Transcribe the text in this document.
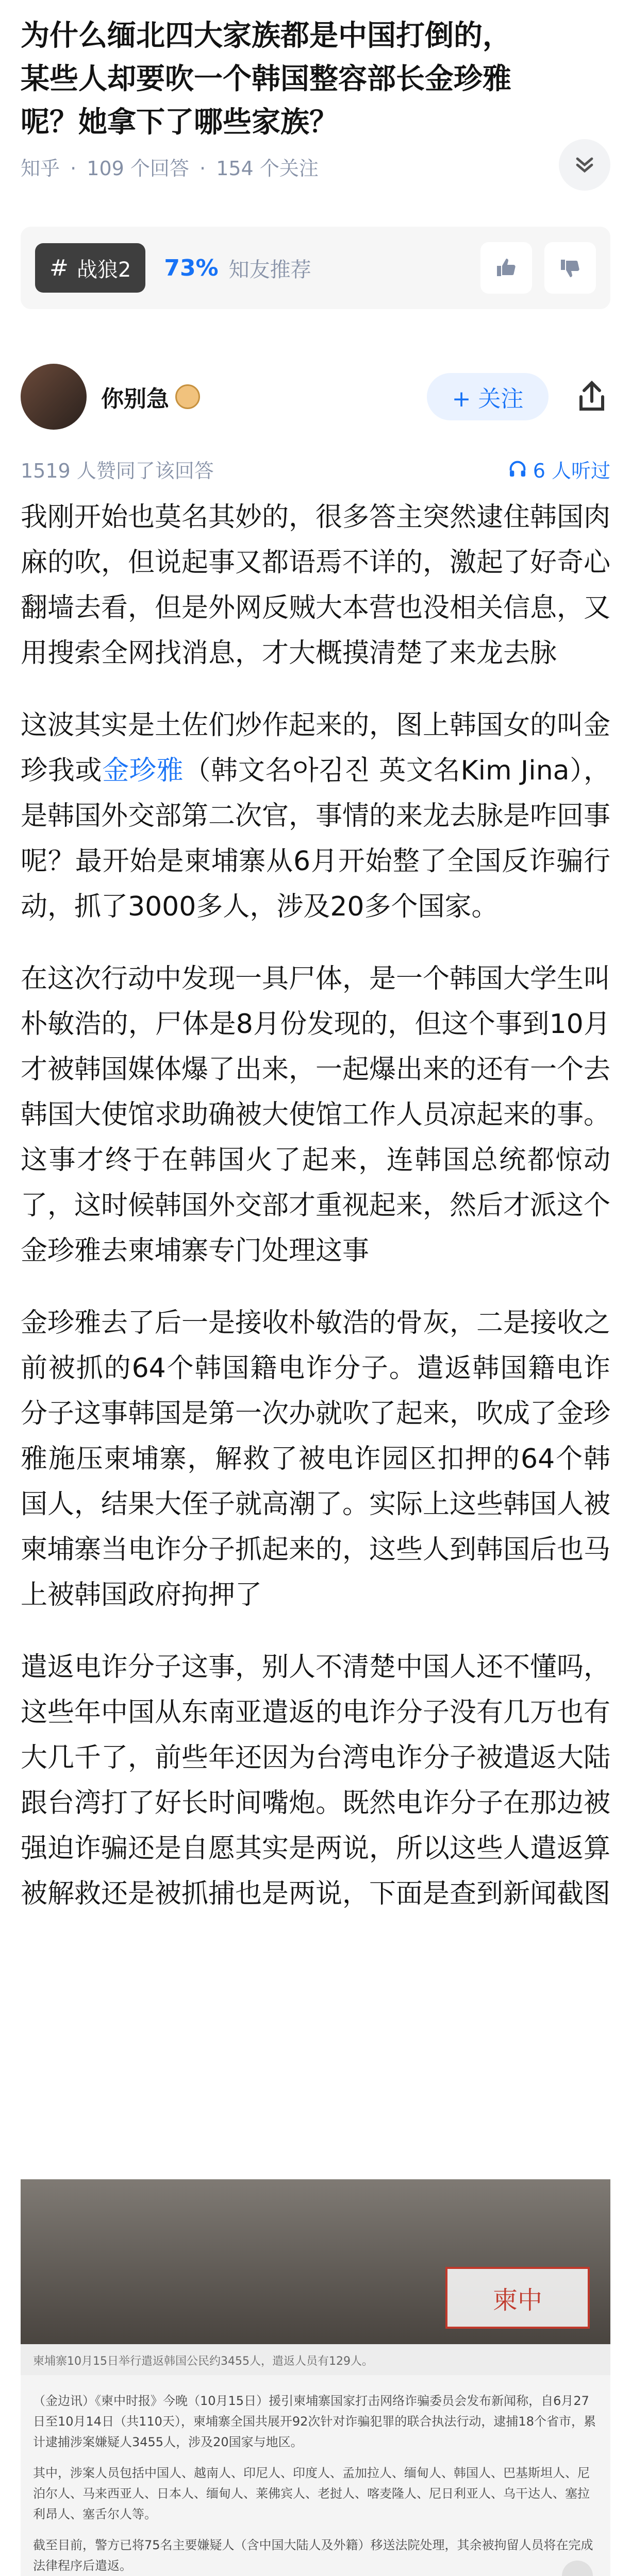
为什么缅北四大家族都是中国打倒的，某些人却要吹一个韩国整容部长金珍雅呢？她拿下了哪些家族？
知乎 · 109 个回答 · 154 个关注
# 战狼2 73% 知友推荐
你别急	+ 关注
1519 人赞同了该回答	6 人听过

我刚开始也莫名其妙的，很多答主突然逮住韩国肉麻的吹，但说起事又都语焉不详的，激起了好奇心翻墙去看，但是外网反贼大本营也没相关信息，又用搜索全网找消息，才大概摸清楚了来龙去脉

这波其实是土佐们炒作起来的，图上韩国女的叫金珍我或金珍雅（韩文名아김진 英文名Kim Jina），是韩国外交部第二次官，事情的来龙去脉是咋回事呢？最开始是柬埔寨从6月开始整了全国反诈骗行动，抓了3000多人，涉及20多个国家。

在这次行动中发现一具尸体，是一个韩国大学生叫朴敏浩的，尸体是8月份发现的，但这个事到10月才被韩国媒体爆了出来，一起爆出来的还有一个去韩国大使馆求助确被大使馆工作人员凉起来的事。这事才终于在韩国火了起来，连韩国总统都惊动了，这时候韩国外交部才重视起来，然后才派这个金珍雅去柬埔寨专门处理这事

金珍雅去了后一是接收朴敏浩的骨灰，二是接收之前被抓的64个韩国籍电诈分子。遣返韩国籍电诈分子这事韩国是第一次办就吹了起来，吹成了金珍雅施压柬埔寨，解救了被电诈园区扣押的64个韩国人，结果大侄子就高潮了。实际上这些韩国人被柬埔寨当电诈分子抓起来的，这些人到韩国后也马上被韩国政府拘押了

遣返电诈分子这事，别人不清楚中国人还不懂吗，这些年中国从东南亚遣返的电诈分子没有几万也有大几千了，前些年还因为台湾电诈分子被遣返大陆跟台湾打了好长时间嘴炮。既然电诈分子在那边被强迫诈骗还是自愿其实是两说，所以这些人遣返算被解救还是被抓捕也是两说，下面是查到新闻截图

柬中
柬埔寨10月15日举行遣返韩国公民约3455人，遣返人员有129人。

（金边讯）《柬中时报》今晚（10月15日）援引柬埔寨国家打击网络诈骗委员会发布新闻称，自6月27日至10月14日（共110天），柬埔寨全国共展开92次针对诈骗犯罪的联合执法行动，逮捕18个省市，累计逮捕涉案嫌疑人3455人，涉及20国家与地区。

其中，涉案人员包括中国人、越南人、印尼人、印度人、孟加拉人、缅甸人、韩国人、巴基斯坦人、尼泊尔人、马来西亚人、日本人、缅甸人、莱佛宾人、老挝人、喀麦隆人、尼日利亚人、乌干达人、塞拉利昂人、塞舌尔人等。

截至目前，警方已将75名主要嫌疑人（含中国大陆人及外籍）移送法院处理，其余被拘留人员将在完成法律程序后遣返。
